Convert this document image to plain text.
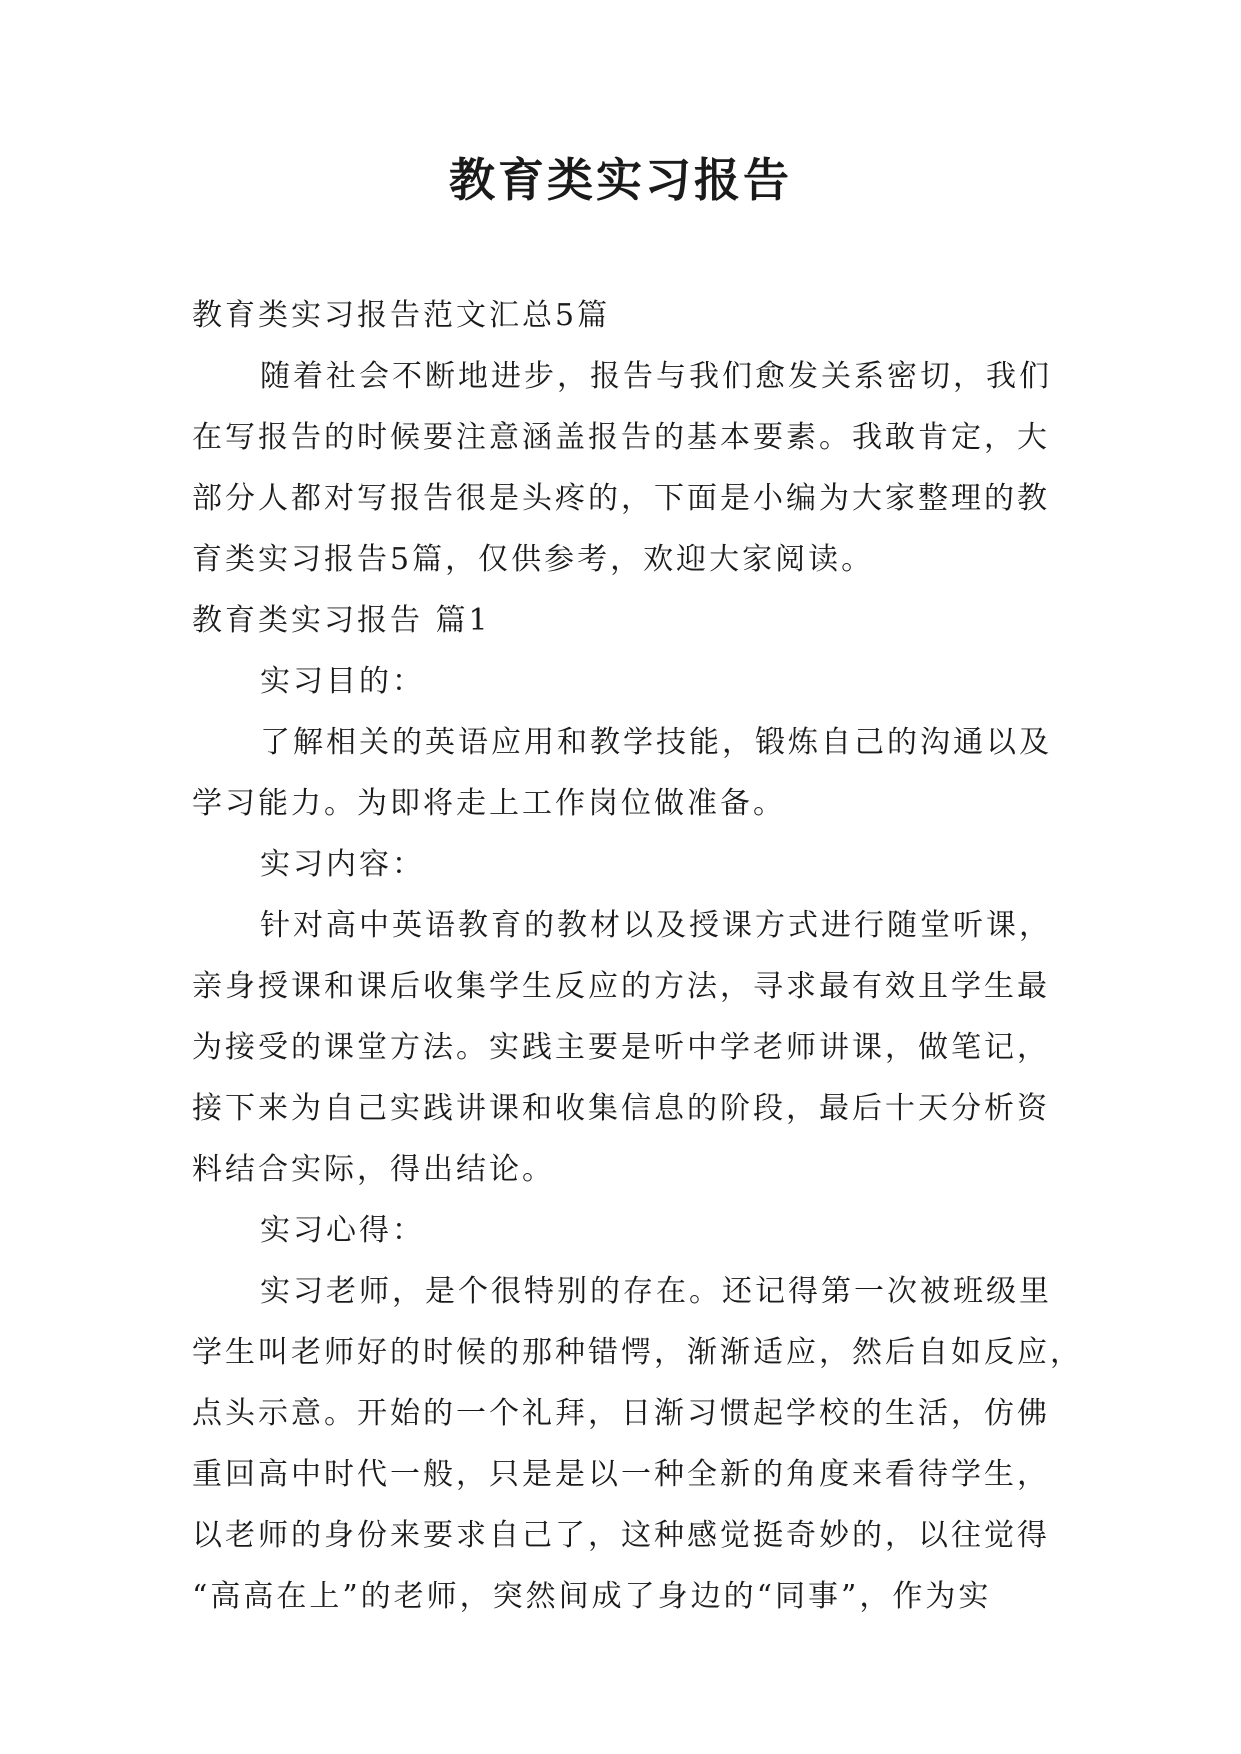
教育类实习报告
教育类实习报告范文汇总5篇
随着社会不断地进步，报告与我们愈发关系密切，我们
在写报告的时候要注意涵盖报告的基本要素。我敢肯定，大
部分人都对写报告很是头疼的，下面是小编为大家整理的教
育类实习报告5篇，仅供参考，欢迎大家阅读。
教育类实习报告 篇1
实习目的：
了解相关的英语应用和教学技能，锻炼自己的沟通以及
学习能力。为即将走上工作岗位做准备。
实习内容：
针对高中英语教育的教材以及授课方式进行随堂听课，
亲身授课和课后收集学生反应的方法，寻求最有效且学生最
为接受的课堂方法。实践主要是听中学老师讲课，做笔记，
接下来为自己实践讲课和收集信息的阶段，最后十天分析资
料结合实际，得出结论。
实习心得：
实习老师，是个很特别的存在。还记得第一次被班级里
学生叫老师好的时候的那种错愕，渐渐适应，然后自如反应，
点头示意。开始的一个礼拜，日渐习惯起学校的生活，仿佛
重回高中时代一般，只是是以一种全新的角度来看待学生，
以老师的身份来要求自己了，这种感觉挺奇妙的，以往觉得
“高高在上”的老师，突然间成了身边的“同事”，作为实
